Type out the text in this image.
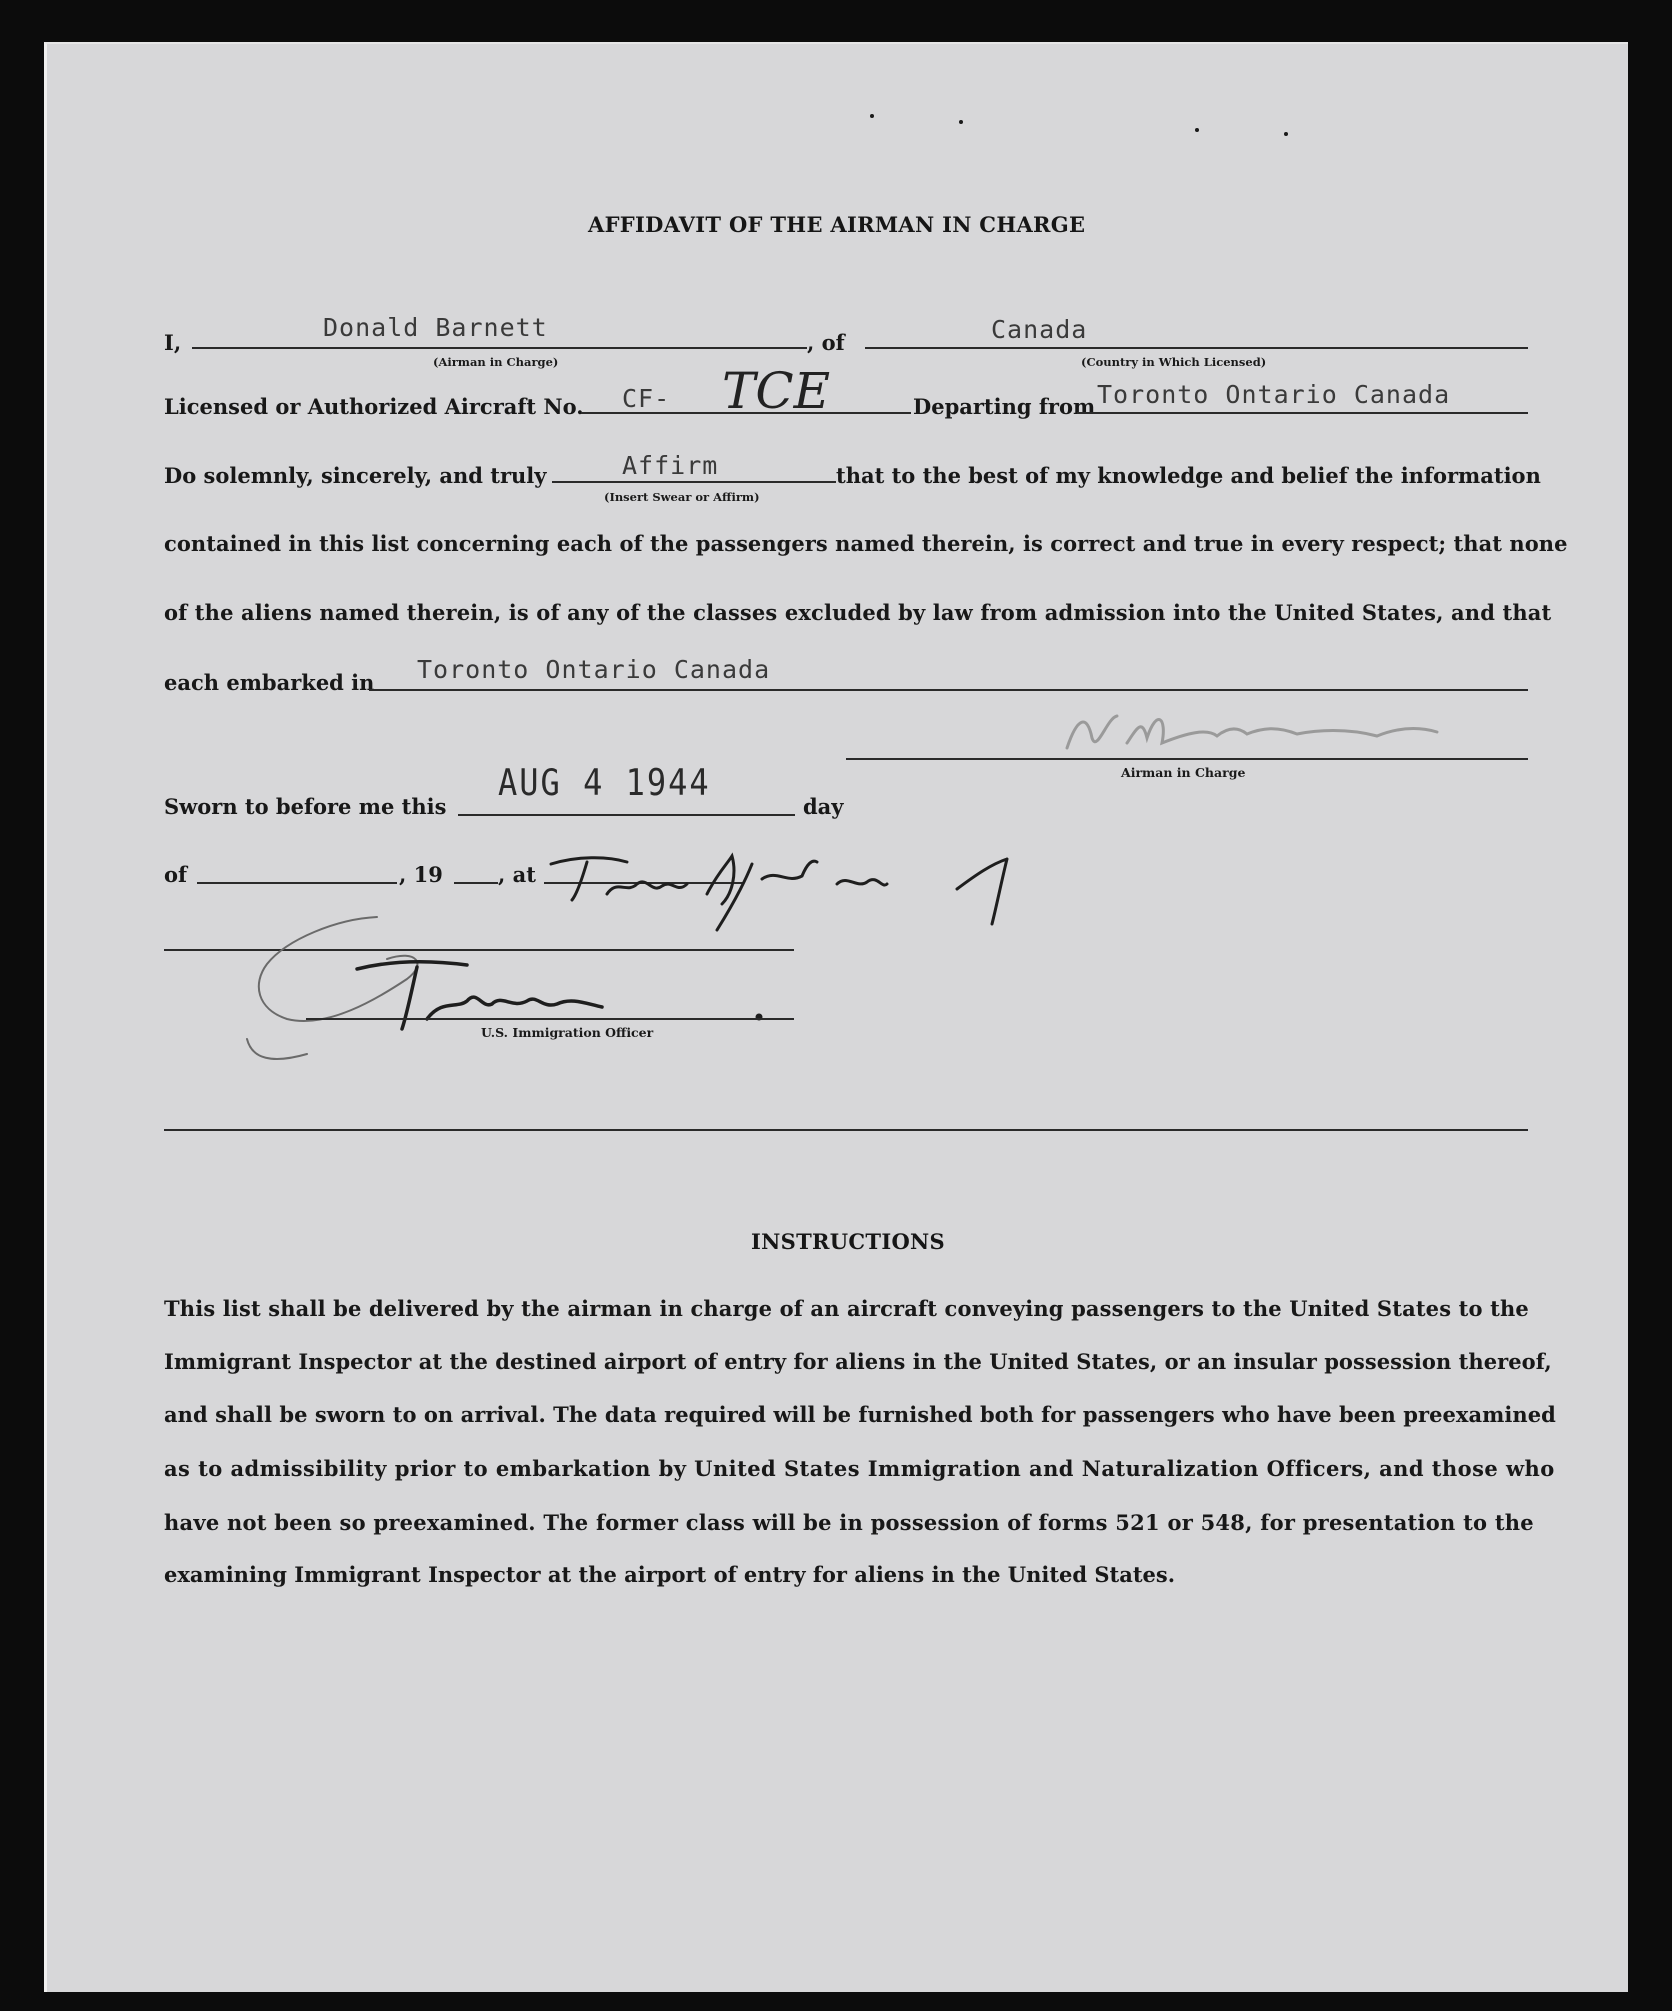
AFFIDAVIT OF THE AIRMAN IN CHARGE
I,
Donald Barnett
(Airman in Charge)
, of	Canada
(Country in Which Licensed)
Licensed or Authorized Aircraft No. CF- TCE	Departing from Toronto Ontario Canada
Do solemnly, sincerely, and truly	Affirm
(Insert Swear or Affirm)
that to the best of my knowledge and belief the information
contained in this list concerning each of the passengers named therein, is correct and true in every respect; that none
of the aliens named therein, is of any of the classes excluded by law from admission into the United States, and that
each embarked in Toronto Ontario Canada
Airman in Charge
Sworn to before me this
AUG 4 1944
day
of	, 19	, at
U.S. Immigration Officer
INSTRUCTIONS
This list shall be delivered by the airman in charge of an aircraft conveying passengers to the United States to the
Immigrant Inspector at the destined airport of entry for aliens in the United States, or an insular possession thereof,
and shall be sworn to on arrival. The data required will be furnished both for passengers who have been preexamined
as to admissibility prior to embarkation by United States Immigration and Naturalization Officers, and those who
have not been so preexamined. The former class will be in possession of forms 521 or 548, for presentation to the
examining Immigrant Inspector at the airport of entry for aliens in the United States.
